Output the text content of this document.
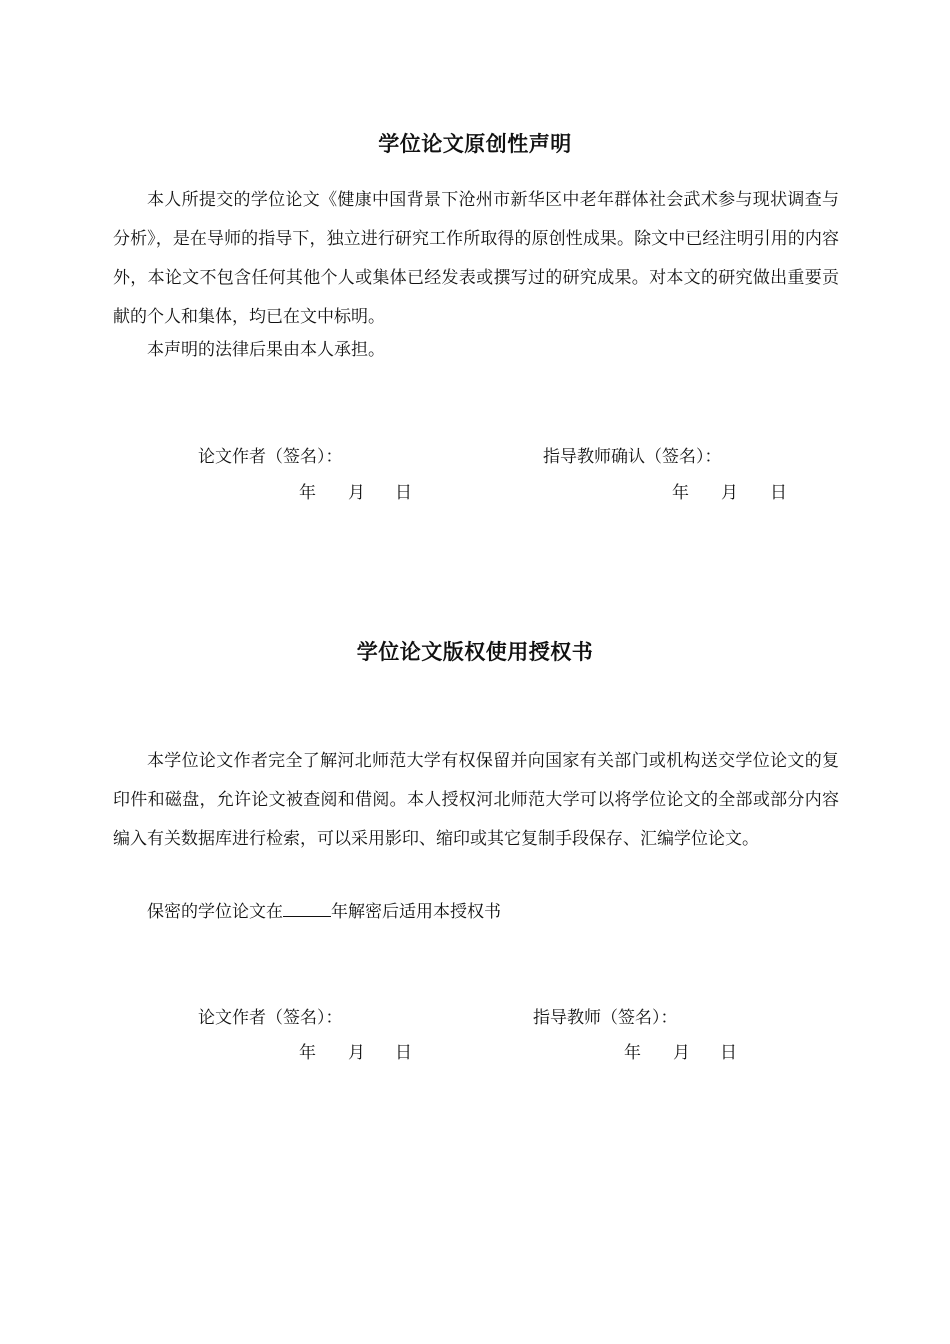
学位论文原创性声明
本人所提交的学位论文《健康中国背景下沧州市新华区中老年群体社会武术参与现状调查与分析》，是在导师的指导下，独立进行研究工作所取得的原创性成果。除文中已经注明引用的内容外，本论文不包含任何其他个人或集体已经发表或撰写过的研究成果。对本文的研究做出重要贡献的个人和集体，均已在文中标明。
本声明的法律后果由本人承担。
论文作者（签名）：	指导教师确认（签名）：
年 月 日	年 月 日
学位论文版权使用授权书
本学位论文作者完全了解河北师范大学有权保留并向国家有关部门或机构送交学位论文的复印件和磁盘，允许论文被查阅和借阅。本人授权河北师范大学可以将学位论文的全部或部分内容编入有关数据库进行检索，可以采用影印、缩印或其它复制手段保存、汇编学位论文。
保密的学位论文在	年解密后适用本授权书
论文作者（签名）：	指导教师（签名）：
年 月 日	年 月 日
